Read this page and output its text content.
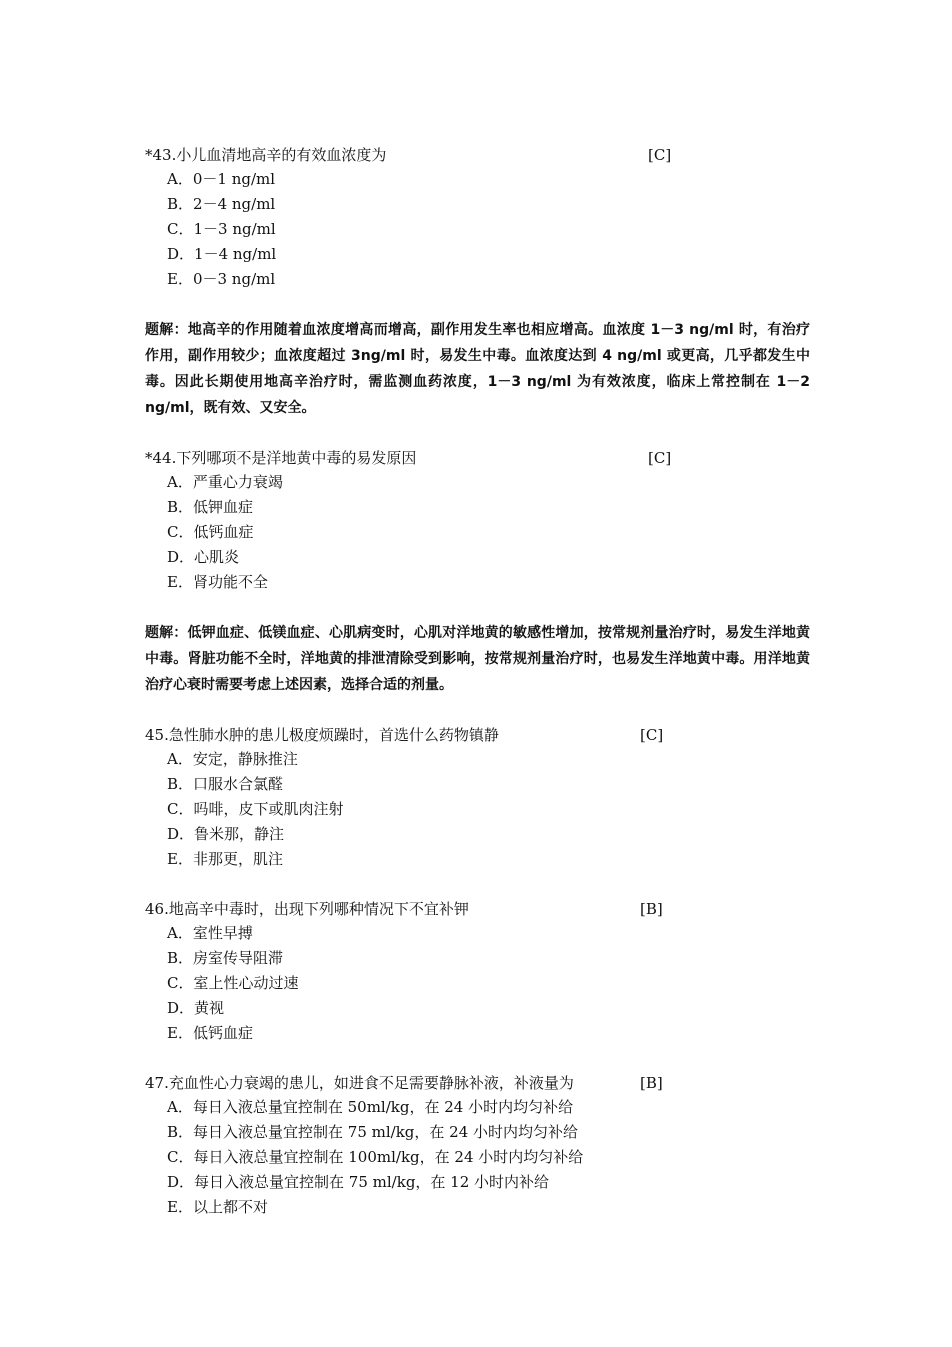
*43.小儿血清地高辛的有效血浓度为	[C]
A．0－1 ng/ml
B．2－4 ng/ml
C．1－3 ng/ml
D．1－4 ng/ml
E．0－3 ng/ml
题解：地高辛的作用随着血浓度增高而增高，副作用发生率也相应增高。血浓度 1－3 ng/ml 时，有治疗作用，副作用较少；血浓度超过 3ng/ml 时，易发生中毒。血浓度达到 4 ng/ml 或更高，几乎都发生中毒。因此长期使用地高辛治疗时，需监测血药浓度，1－3 ng/ml 为有效浓度，临床上常控制在 1－2 ng/ml，既有效、又安全。
*44.下列哪项不是洋地黄中毒的易发原因	[C]
A．严重心力衰竭
B．低钾血症
C．低钙血症
D．心肌炎
E．肾功能不全
题解：低钾血症、低镁血症、心肌病变时，心肌对洋地黄的敏感性增加，按常规剂量治疗时，易发生洋地黄中毒。肾脏功能不全时，洋地黄的排泄清除受到影响，按常规剂量治疗时，也易发生洋地黄中毒。用洋地黄治疗心衰时需要考虑上述因素，选择合适的剂量。
45.急性肺水肿的患儿极度烦躁时，首选什么药物镇静	[C]
A．安定，静脉推注
B．口服水合氯醛
C．吗啡，皮下或肌肉注射
D．鲁米那，静注
E．非那更，肌注
46.地高辛中毒时，出现下列哪种情况下不宜补钾	[B]
A．室性早搏
B．房室传导阻滞
C．室上性心动过速
D．黄视
E．低钙血症
47.充血性心力衰竭的患儿，如进食不足需要静脉补液，补液量为	[B]
A．每日入液总量宜控制在 50ml/kg，在 24 小时内均匀补给
B．每日入液总量宜控制在 75 ml/kg，在 24 小时内均匀补给
C．每日入液总量宜控制在 100ml/kg，在 24 小时内均匀补给
D．每日入液总量宜控制在 75 ml/kg，在 12 小时内补给
E．以上都不对
